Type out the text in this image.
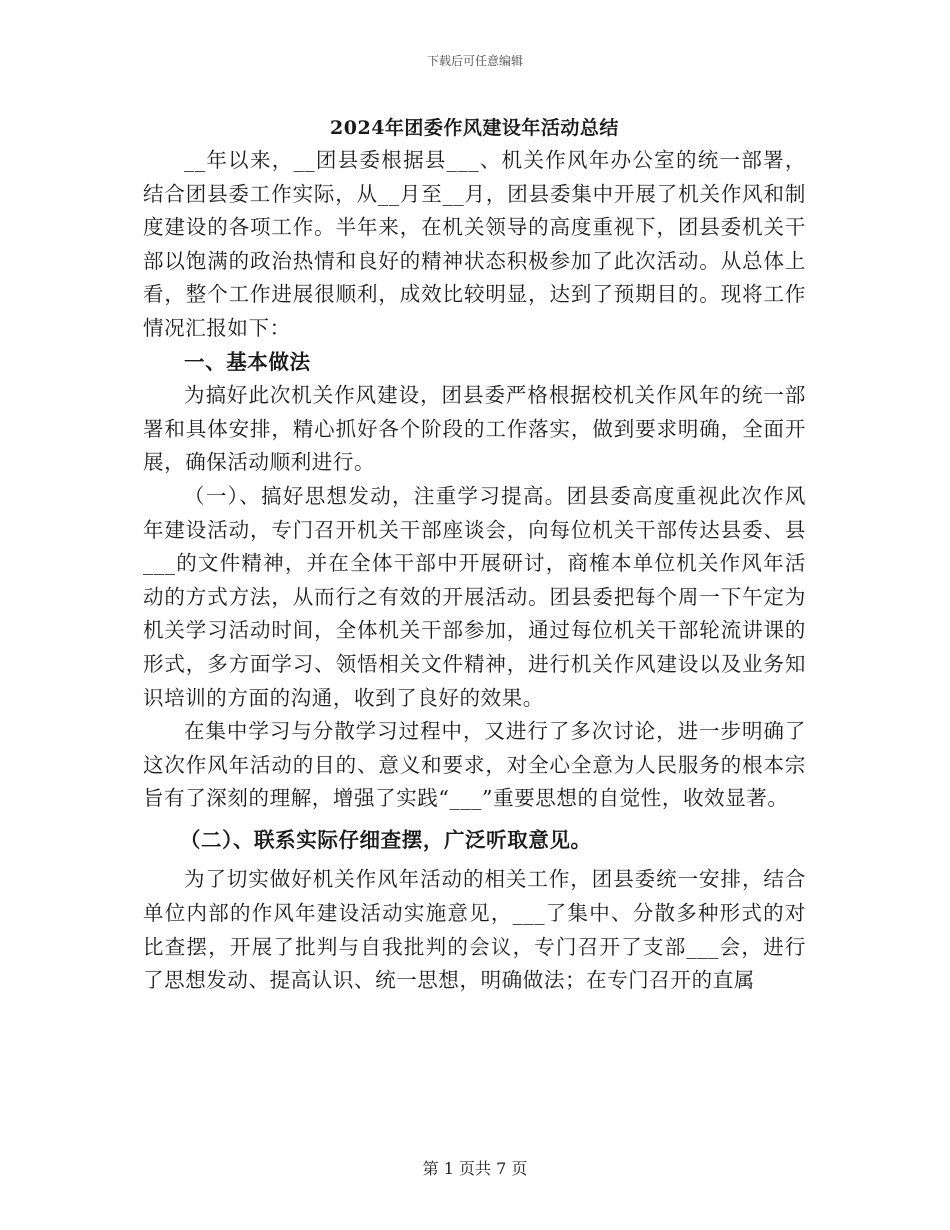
下载后可任意编辑
2024年团委作风建设年活动总结

__年以来，__团县委根据县___、机关作风年办公室的统一部署，结合团县委工作实际，从__月至__月，团县委集中开展了机关作风和制度建设的各项工作。半年来，在机关领导的高度重视下，团县委机关干部以饱满的政治热情和良好的精神状态积极参加了此次活动。从总体上看，整个工作进展很顺利，成效比较明显，达到了预期目的。现将工作情况汇报如下：

一、基本做法

为搞好此次机关作风建设，团县委严格根据校机关作风年的统一部署和具体安排，精心抓好各个阶段的工作落实，做到要求明确，全面开展，确保活动顺利进行。

（一）、搞好思想发动，注重学习提高。团县委高度重视此次作风年建设活动，专门召开机关干部座谈会，向每位机关干部传达县委、县___的文件精神，并在全体干部中开展研讨，商榷本单位机关作风年活动的方式方法，从而行之有效的开展活动。团县委把每个周一下午定为机关学习活动时间，全体机关干部参加，通过每位机关干部轮流讲课的形式，多方面学习、领悟相关文件精神，进行机关作风建设以及业务知识培训的方面的沟通，收到了良好的效果。

在集中学习与分散学习过程中，又进行了多次讨论，进一步明确了这次作风年活动的目的、意义和要求，对全心全意为人民服务的根本宗旨有了深刻的理解，增强了实践“___”重要思想的自觉性，收效显著。

（二）、联系实际仔细查摆，广泛听取意见。

为了切实做好机关作风年活动的相关工作，团县委统一安排，结合单位内部的作风年建设活动实施意见，___了集中、分散多种形式的对比查摆，开展了批判与自我批判的会议，专门召开了支部___会，进行了思想发动、提高认识、统一思想，明确做法；在专门召开的直属

第 1 页共 7 页
